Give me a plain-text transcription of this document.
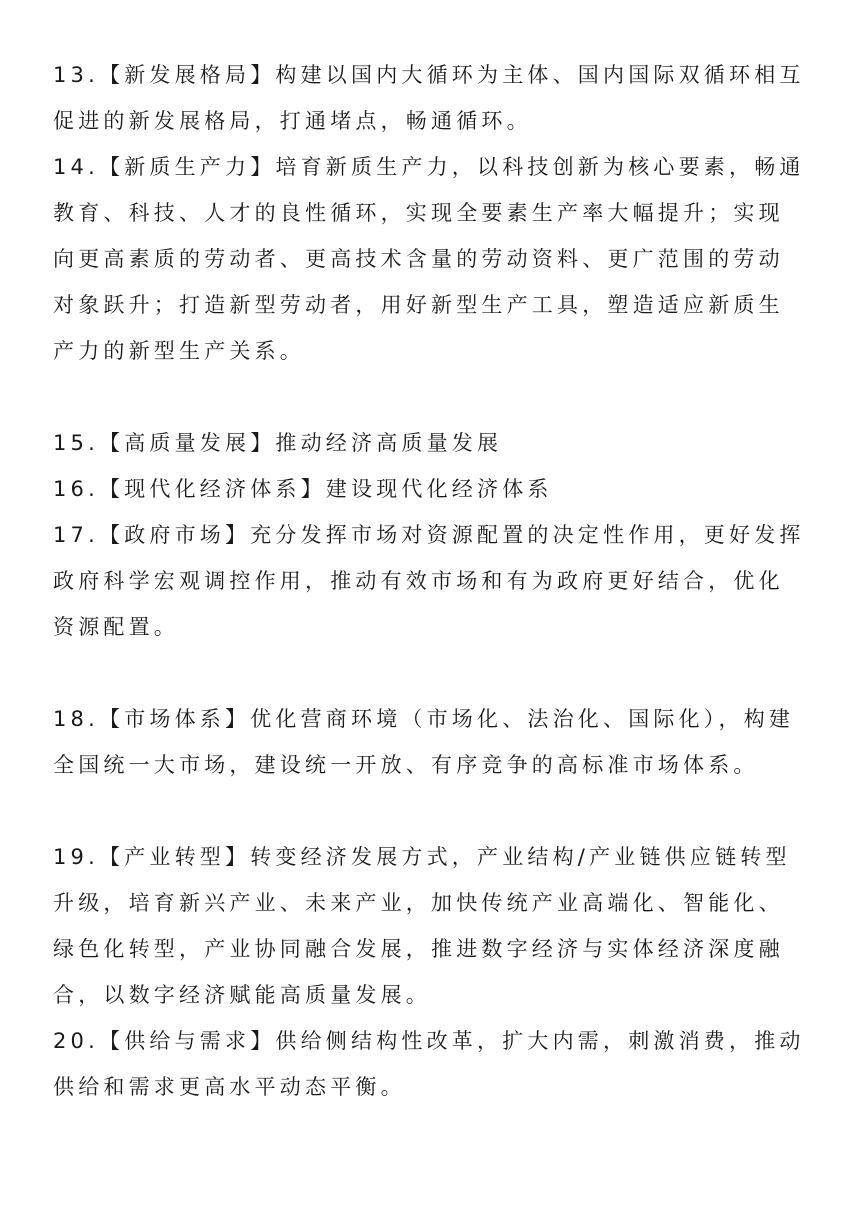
13.【新发展格局】构建以国内大循环为主体、国内国际双循环相互
促进的新发展格局，打通堵点，畅通循环。
14.【新质生产力】培育新质生产力，以科技创新为核心要素，畅通
教育、科技、人才的良性循环，实现全要素生产率大幅提升；实现
向更高素质的劳动者、更高技术含量的劳动资料、更广范围的劳动
对象跃升；打造新型劳动者，用好新型生产工具，塑造适应新质生
产力的新型生产关系。
15.【高质量发展】推动经济高质量发展
16.【现代化经济体系】建设现代化经济体系
17.【政府市场】充分发挥市场对资源配置的决定性作用，更好发挥
政府科学宏观调控作用，推动有效市场和有为政府更好结合，优化
资源配置。
18.【市场体系】优化营商环境（市场化、法治化、国际化），构建
全国统一大市场，建设统一开放、有序竞争的高标准市场体系。
19.【产业转型】转变经济发展方式，产业结构/产业链供应链转型
升级，培育新兴产业、未来产业，加快传统产业高端化、智能化、
绿色化转型，产业协同融合发展，推进数字经济与实体经济深度融
合，以数字经济赋能高质量发展。
20.【供给与需求】供给侧结构性改革，扩大内需，刺激消费，推动
供给和需求更高水平动态平衡。
